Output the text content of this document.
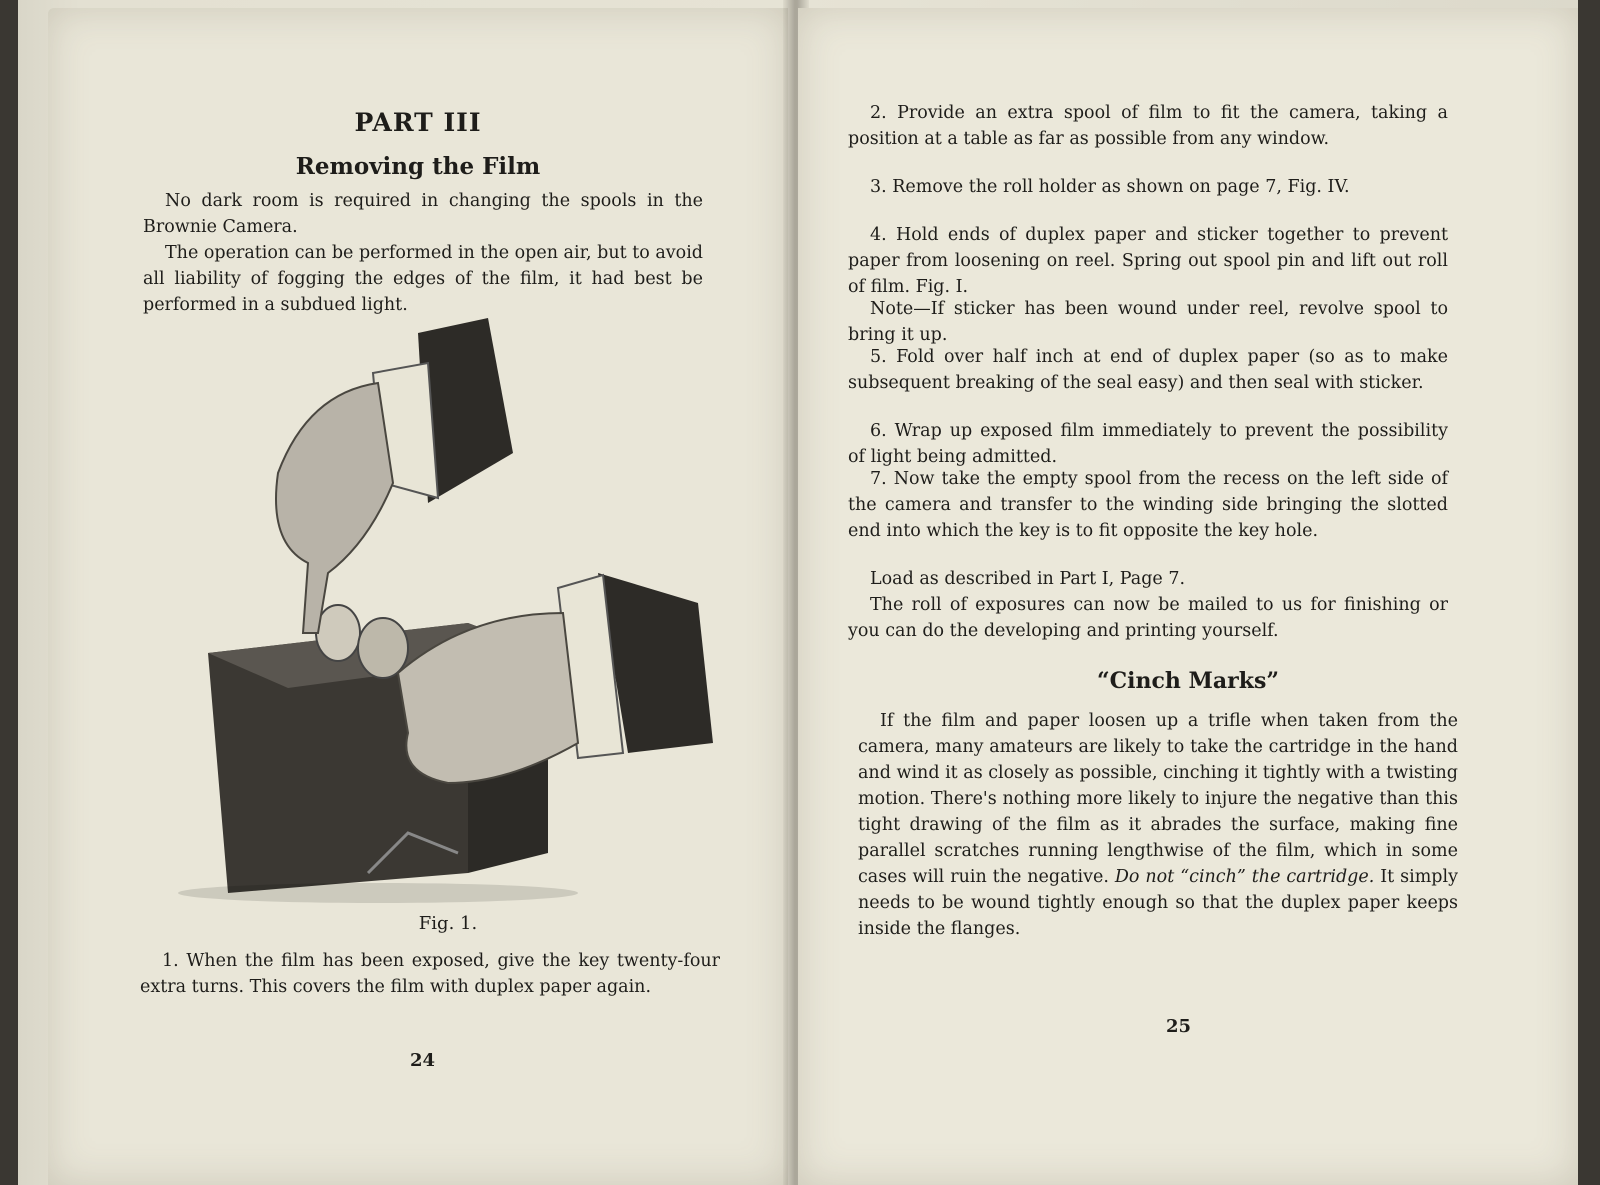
PART III
Removing the Film

No dark room is required in changing the spools in the Brownie Camera.

The operation can be performed in the open air, but to avoid all liability of fogging the edges of the film, it had best be performed in a subdued light.

Fig. 1.

1. When the film has been exposed, give the key twenty-four extra turns. This covers the film with duplex paper again.

24

2. Provide an extra spool of film to fit the camera, taking a position at a table as far as possible from any window.

3. Remove the roll holder as shown on page 7, Fig. IV.

4. Hold ends of duplex paper and sticker together to prevent paper from loosening on reel. Spring out spool pin and lift out roll of film. Fig. I.

Note—If sticker has been wound under reel, revolve spool to bring it up.

5. Fold over half inch at end of duplex paper (so as to make subsequent breaking of the seal easy) and then seal with sticker.

6. Wrap up exposed film immediately to prevent the possibility of light being admitted.

7. Now take the empty spool from the recess on the left side of the camera and transfer to the winding side bringing the slotted end into which the key is to fit opposite the key hole.

Load as described in Part I, Page 7.

The roll of exposures can now be mailed to us for finishing or you can do the developing and printing yourself.

“Cinch Marks”

If the film and paper loosen up a trifle when taken from the camera, many amateurs are likely to take the cartridge in the hand and wind it as closely as possible, cinching it tightly with a twisting motion. There's nothing more likely to injure the negative than this tight drawing of the film as it abrades the surface, making fine parallel scratches running lengthwise of the film, which in some cases will ruin the negative. Do not “cinch” the cartridge. It simply needs to be wound tightly enough so that the duplex paper keeps inside the flanges.

25
